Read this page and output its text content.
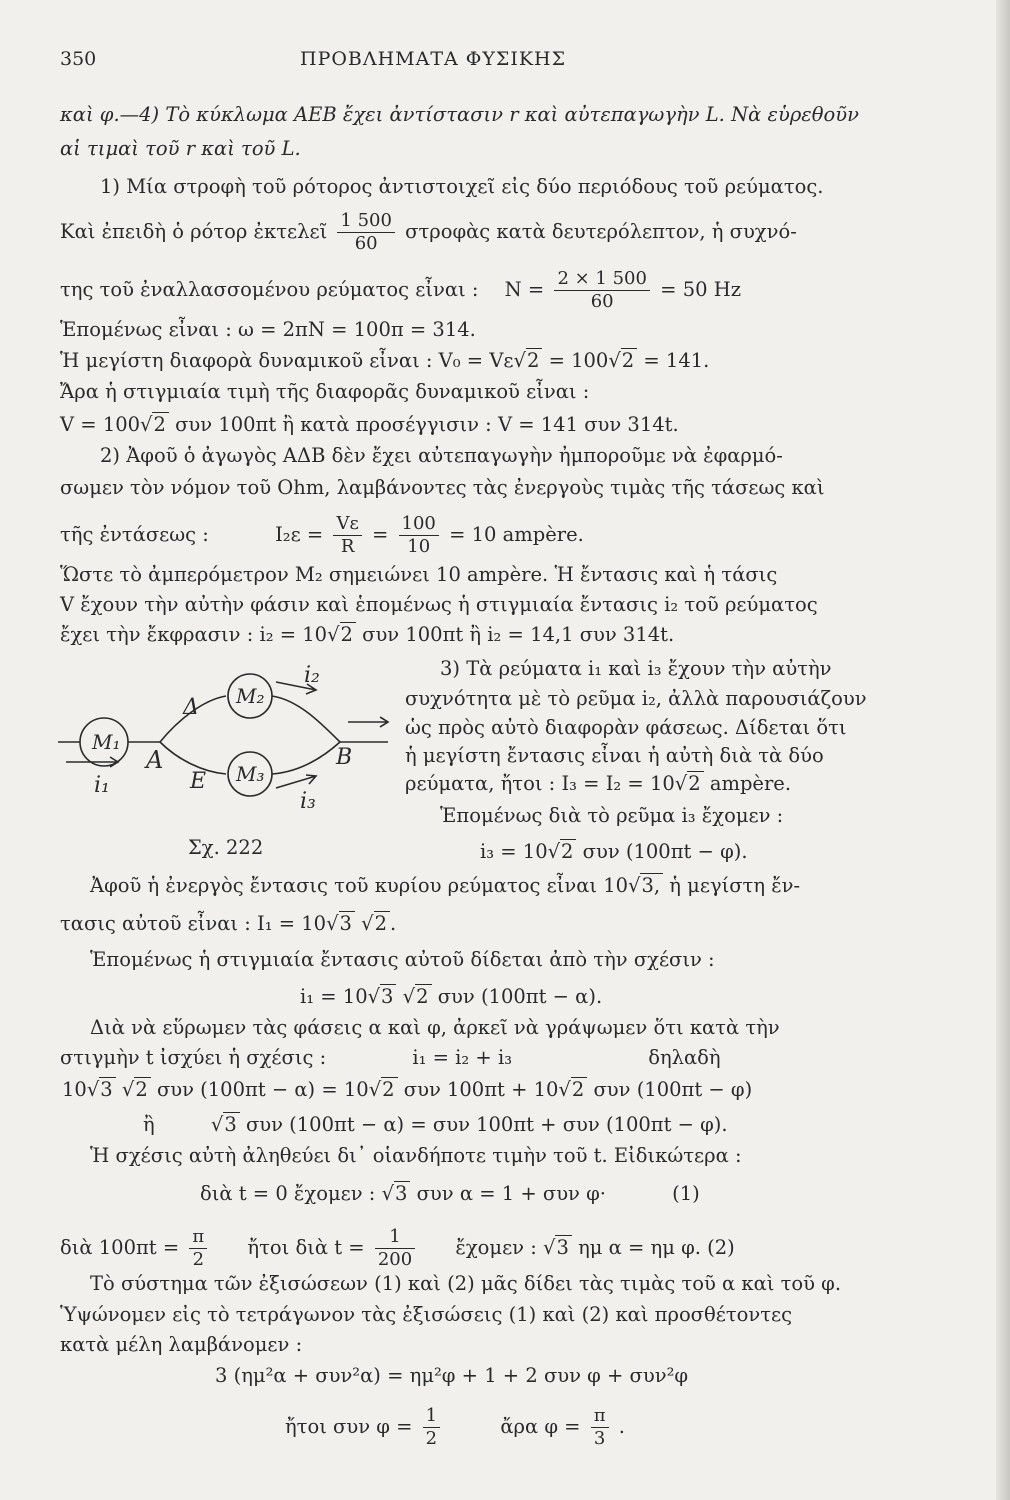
350	ΠΡΟΒΛΗΜΑΤΑ ΦΥΣΙΚΗΣ
καὶ φ.—4) Τὸ κύκλωμα ΑΕΒ ἔχει ἀντίστασιν r καὶ αὐτεπαγωγὴν L. Νὰ εὑρεθοῦν
αἱ τιμαὶ τοῦ r καὶ τοῦ L.
1) Μία στροφὴ τοῦ ρότορος ἀντιστοιχεῖ εἰς δύο περιόδους τοῦ ρεύματος.
Καὶ ἐπειδὴ ὁ ρότορ ἐκτελεῖ $\frac{1 500}{60}$ στροφὰς κατὰ δευτερόλεπτον, ἡ συχνό-
της τοῦ ἐναλλασσομένου ρεύματος εἶναι : $N = \frac{2 \times 1 500}{60} = 50$ Hz
Ἑπομένως εἶναι : ω = 2πN = 100π = 314.
Ἡ μεγίστη διαφορὰ δυναμικοῦ εἶναι : V₀ = Vε √ 2 = 100 √ 2 = 141.
Ἄρα ἡ στιγμιαία τιμὴ τῆς διαφορᾶς δυναμικοῦ εἶναι :
V = 100 √ 2 συν 100πt ἢ κατὰ προσέγγισιν : V = 141 συν 314t.
2) Ἀφοῦ ὁ ἀγωγὸς ΑΔΒ δὲν ἔχει αὐτεπαγωγὴν ἠμποροῦμε νὰ ἐφαρμό-
σωμεν τὸν νόμον τοῦ Ohm, λαμβάνοντες τὰς ἐνεργοὺς τιμὰς τῆς τάσεως καὶ
τῆς ἐντάσεως :	$I_2\varepsilon = \frac{V\varepsilon}{R} = \frac{100}{10} = 10$ ampère.
Ὥστε τὸ ἀμπερόμετρον M₂ σημειώνει 10 ampère. Ἡ ἔντασις καὶ ἡ τάσις
V ἔχουν τὴν αὐτὴν φάσιν καὶ ἑπομένως ἡ στιγμιαία ἔντασις i₂ τοῦ ρεύματος
ἔχει τὴν ἔκφρασιν : i₂ = 10 √ 2 συν 100πt ἢ i₂ = 14,1 συν 314t.
3) Τὰ ρεύματα i₁ καὶ i₃ ἔχουν τὴν αὐτὴν
συχνότητα μὲ τὸ ρεῦμα i₂, ἀλλὰ παρουσιάζουν
ὡς πρὸς αὐτὸ διαφορὰν φάσεως. Δίδεται ὅτι
ἡ μεγίστη ἔντασις εἶναι ἡ αὐτὴ διὰ τὰ δύο
ρεύματα, ἤτοι : I₃ = I₂ = 10 √ 2 ampère.
Ἑπομένως διὰ τὸ ρεῦμα i₃ ἔχομεν :
M₁
M₂
M₃
A	B
Δ
E
i₁
i₂
i₃
Σχ. 222	i₃ = 10 √ 2 συν (100πt − φ).
Ἀφοῦ ἡ ἐνεργὸς ἔντασις τοῦ κυρίου ρεύματος εἶναι 10 √ 3, ἡ μεγίστη ἔν-
τασις αὐτοῦ εἶναι : I₁ = 10 √ 3 √ 2 .
Ἑπομένως ἡ στιγμιαία ἔντασις αὐτοῦ δίδεται ἀπὸ τὴν σχέσιν :
i₁ = 10 √ 3 √ 2 συν (100πt − α).
Διὰ νὰ εὕρωμεν τὰς φάσεις α καὶ φ, ἀρκεῖ νὰ γράψωμεν ὅτι κατὰ τὴν
στιγμὴν t ἰσχύει ἡ σχέσις :	i₁ = i₂ + i₃	δηλαδὴ
10 √ 3 √ 2 συν (100πt − α) = 10 √ 2 συν 100πt + 10 √ 2 συν (100πt − φ)
ἢ √	3 συν (100πt − α) = συν 100πt + συν (100πt − φ).
Ἡ σχέσις αὐτὴ ἀληθεύει δι᾽ οἱανδήποτε τιμὴν τοῦ t. Εἰδικώτερα :
διὰ t = 0 ἔχομεν : √ 3 συν α = 1 + συν φ·	(1)
διὰ $100\pi t = \frac{\pi}{2}$ ἤτοι διὰ $t = \frac{1}{200}$ ἔχομεν : √ 3 ημ α = ημ φ. (2)
Τὸ σύστημα τῶν ἐξισώσεων (1) καὶ (2) μᾶς δίδει τὰς τιμὰς τοῦ α καὶ τοῦ φ.
Ὑψώνομεν εἰς τὸ τετράγωνον τὰς ἐξισώσεις (1) καὶ (2) καὶ προσθέτοντες
κατὰ μέλη λαμβάνομεν :
3 (ημ²α + συν²α) = ημ²φ + 1 + 2 συν φ + συν²φ
ἤτοι συν $\varphi = \frac{1}{2}$	ἄρα $\varphi = \frac{\pi}{3}$ .
